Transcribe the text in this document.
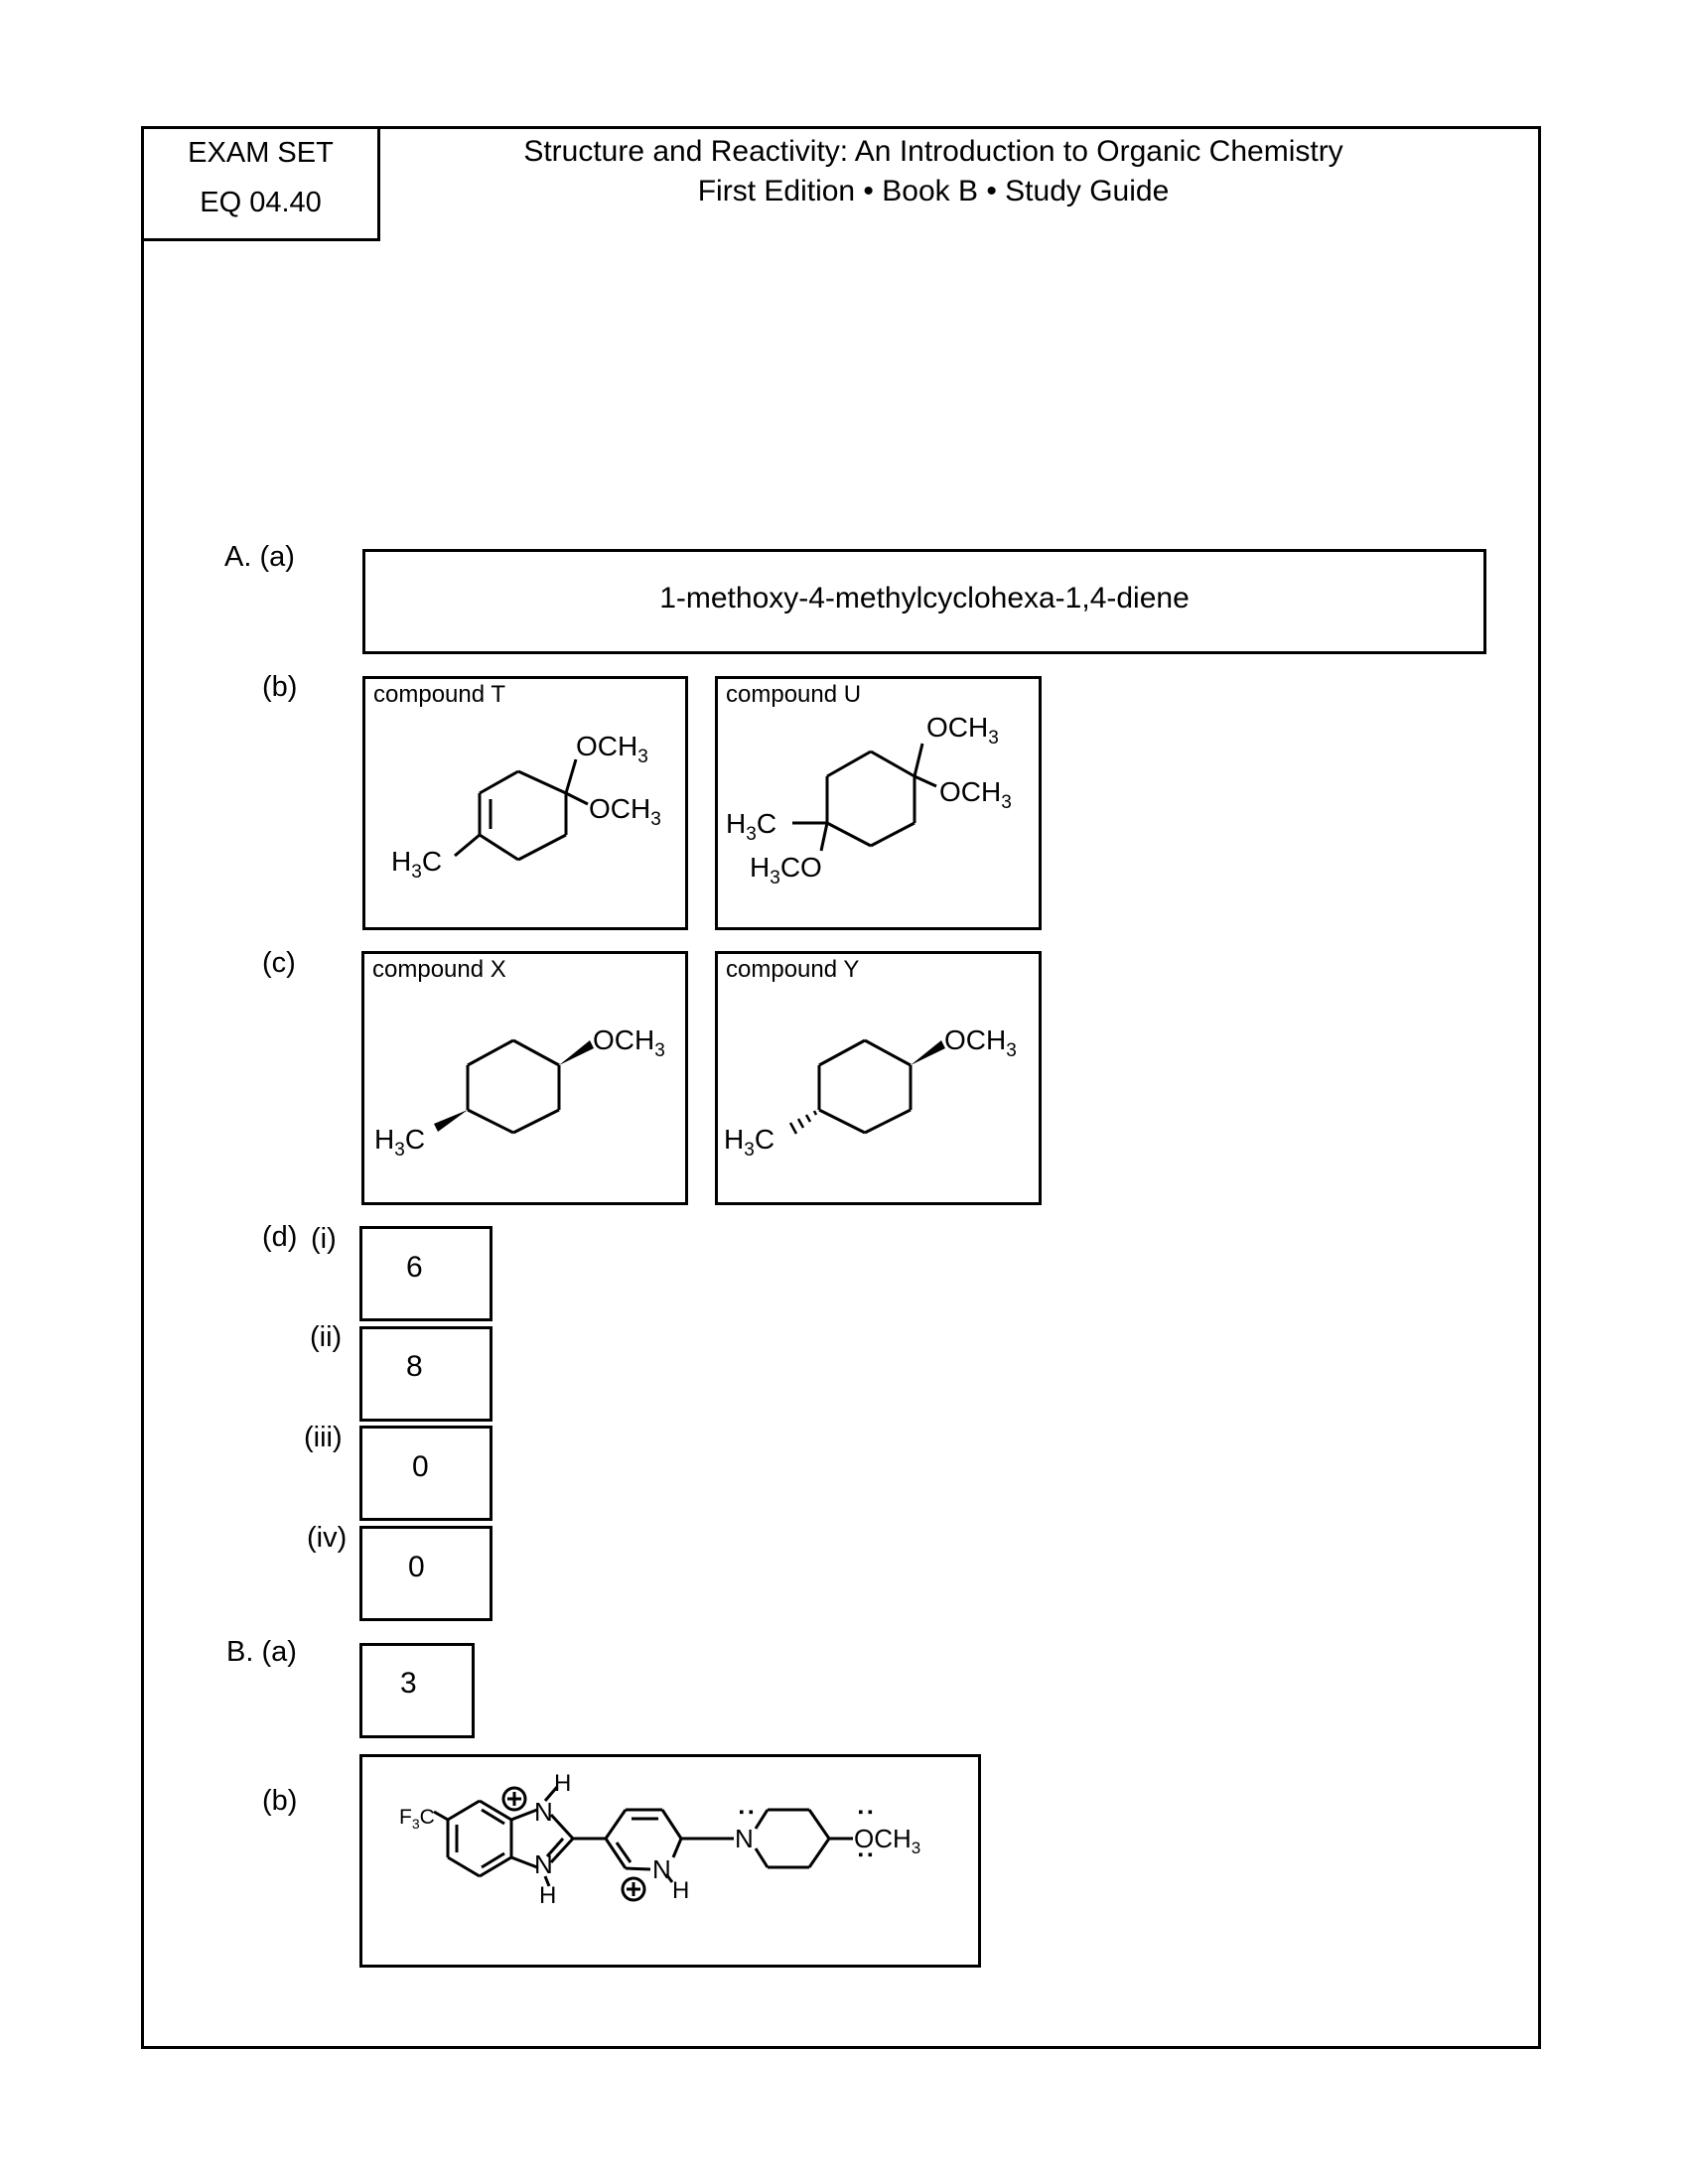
EXAM SET
EQ 04.40
Structure and Reactivity: An Introduction to Organic Chemistry
First Edition • Book B • Study Guide
A. (a)
1-methoxy-4-methylcyclohexa-1,4-diene
(b)	compound T
$OCH_3$
$OCH_3$
$H_3C$
compound U
$OCH_3$
$OCH_3$
$H_3C$
$H_3CO$
(c)	compound X
$OCH_3$
$H_3C$
compound Y
$OCH_3$
$H_3C$
(d) (i)
6
(ii)
8
(iii)
0
(iv)
0
B. (a)
3
(b)
$F_3C$	N
N
:
H
H
N
H
N
:
$OCH_3$
:
:
